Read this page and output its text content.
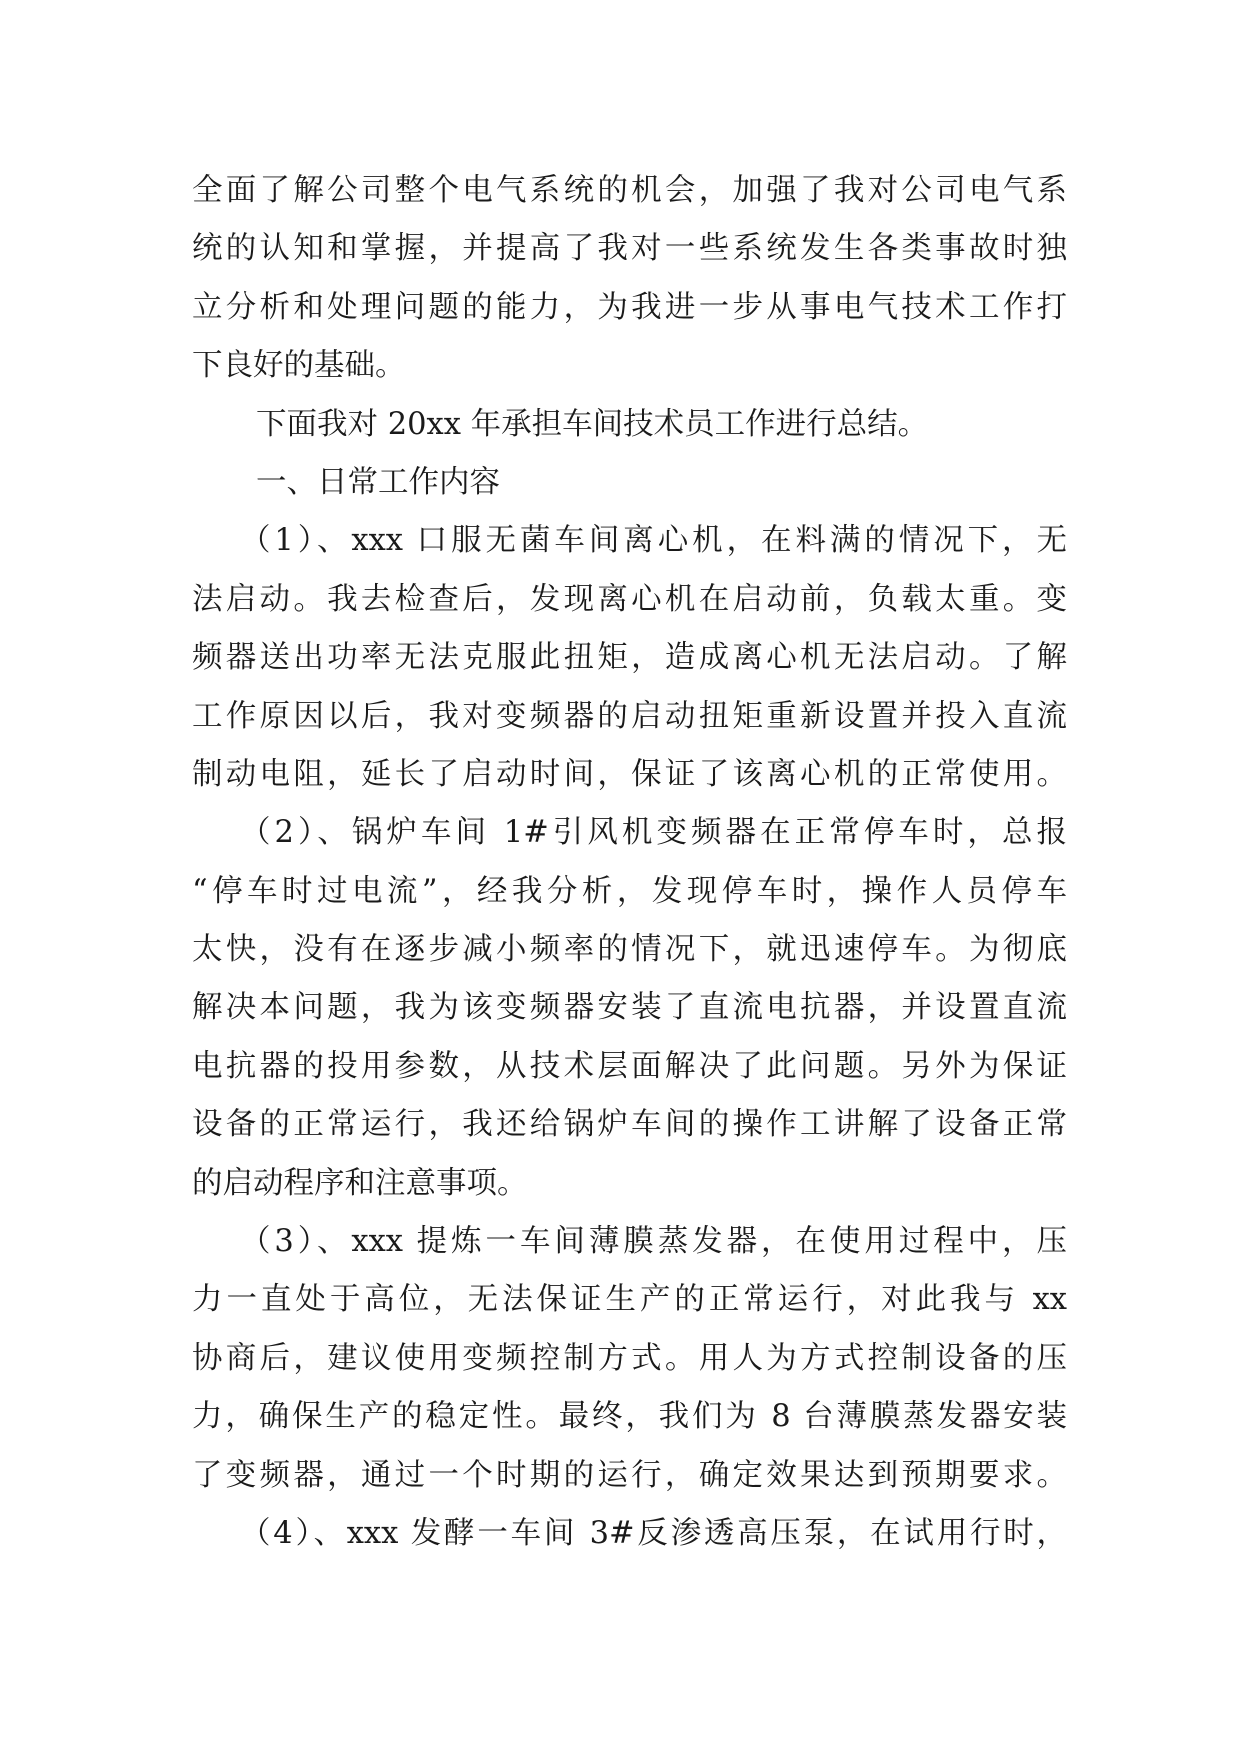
全面了解公司整个电气系统的机会，加强了我对公司电气系
统的认知和掌握，并提高了我对一些系统发生各类事故时独
立分析和处理问题的能力，为我进一步从事电气技术工作打
下良好的基础。
下面我对 20xx 年承担车间技术员工作进行总结。
一、日常工作内容
（1）、xxx 口服无菌车间离心机，在料满的情况下，无
法启动。我去检查后，发现离心机在启动前，负载太重。变
频器送出功率无法克服此扭矩，造成离心机无法启动。了解
工作原因以后，我对变频器的启动扭矩重新设置并投入直流
制动电阻，延长了启动时间，保证了该离心机的正常使用。
（2）、锅炉车间 1#引风机变频器在正常停车时，总报
“停车时过电流”，经我分析，发现停车时，操作人员停车
太快，没有在逐步减小频率的情况下，就迅速停车。为彻底
解决本问题，我为该变频器安装了直流电抗器，并设置直流
电抗器的投用参数，从技术层面解决了此问题。另外为保证
设备的正常运行，我还给锅炉车间的操作工讲解了设备正常
的启动程序和注意事项。
（3）、xxx 提炼一车间薄膜蒸发器，在使用过程中，压
力一直处于高位，无法保证生产的正常运行，对此我与 xx
协商后，建议使用变频控制方式。用人为方式控制设备的压
力，确保生产的稳定性。最终，我们为 8 台薄膜蒸发器安装
了变频器，通过一个时期的运行，确定效果达到预期要求。
（4）、xxx 发酵一车间 3#反渗透高压泵，在试用行时，
